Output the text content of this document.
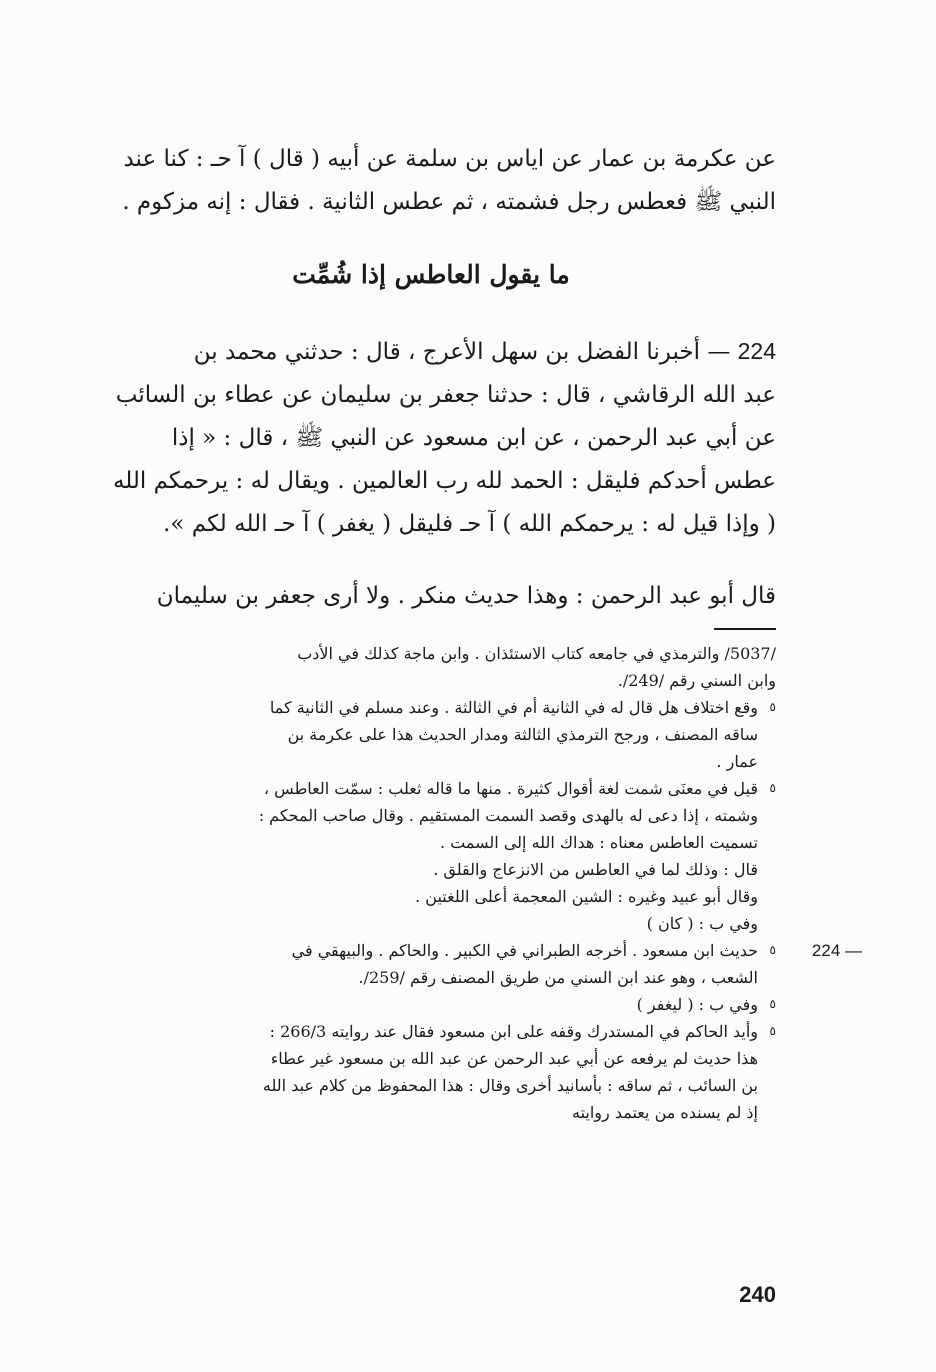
عن عكرمة بن عمار عن اياس بن سلمة عن أبيه ( قال ) آ حـ : كنا عند
النبي ﷺ فعطس رجل فشمته ، ثم عطس الثانية . فقال : إنه مزكوم .
ما يقول العاطس إذا شُمِّت
224 — أخبرنا الفضل بن سهل الأعرج ، قال : حدثني محمد بن
عبد الله الرقاشي ، قال : حدثنا جعفر بن سليمان عن عطاء بن السائب
عن أبي عبد الرحمن ، عن ابن مسعود عن النبي ﷺ ، قال : « إذا
عطس أحدكم فليقل : الحمد لله رب العالمين . ويقال له : يرحمكم الله
( وإذا قيل له : يرحمكم الله ) آ حـ فليقل ( يغفر ) آ حـ الله لكم ».
قال أبو عبد الرحمن : وهذا حديث منكر . ولا أرى جعفر بن سليمان
/5037/ والترمذي في جامعه كتاب الاستئذان . وابن ماجة كذلك في الأدب
وابن السني رقم /249/.
٥
وقع اختلاف هل قال له في الثانية أم في الثالثة . وعند مسلم في الثانية كما
ساقه المصنف ، ورجح الترمذي الثالثة ومدار الحديث هذا على عكرمة بن
عمار .
٥
قيل في معنَى شمت لغة أقوال كثيرة . منها ما قاله ثعلب : سمّت العاطس ،
وشمته ، إذا دعى له بالهدى وقصد السمت المستقيم . وقال صاحب المحكم :
تسميت العاطس معناه : هداك الله إلى السمت .
قال : وذلك لما في العاطس من الانزعاج والقلق .
وقال أبو عبيد وغيره : الشين المعجمة أعلى اللغتين .
وفي ب : ( كان )
224 —
٥
حديث ابن مسعود . أخرجه الطبراني في الكبير . والحاكم . والبيهقي في
الشعب ، وهو عند ابن السني من طريق المصنف رقم /259/.
٥
وفي ب : ( ليغفر )
٥
وأيد الحاكم في المستدرك وقفه على ابن مسعود فقال عند روايته 266/3 :
هذا حديث لم يرفعه عن أبي عبد الرحمن عن عبد الله بن مسعود غير عطاء
بن السائب ، ثم ساقه : بأسانيد أخرى وقال : هذا المحفوظ من كلام عبد الله
إذ لم يسنده من يعتمد روايته
240
